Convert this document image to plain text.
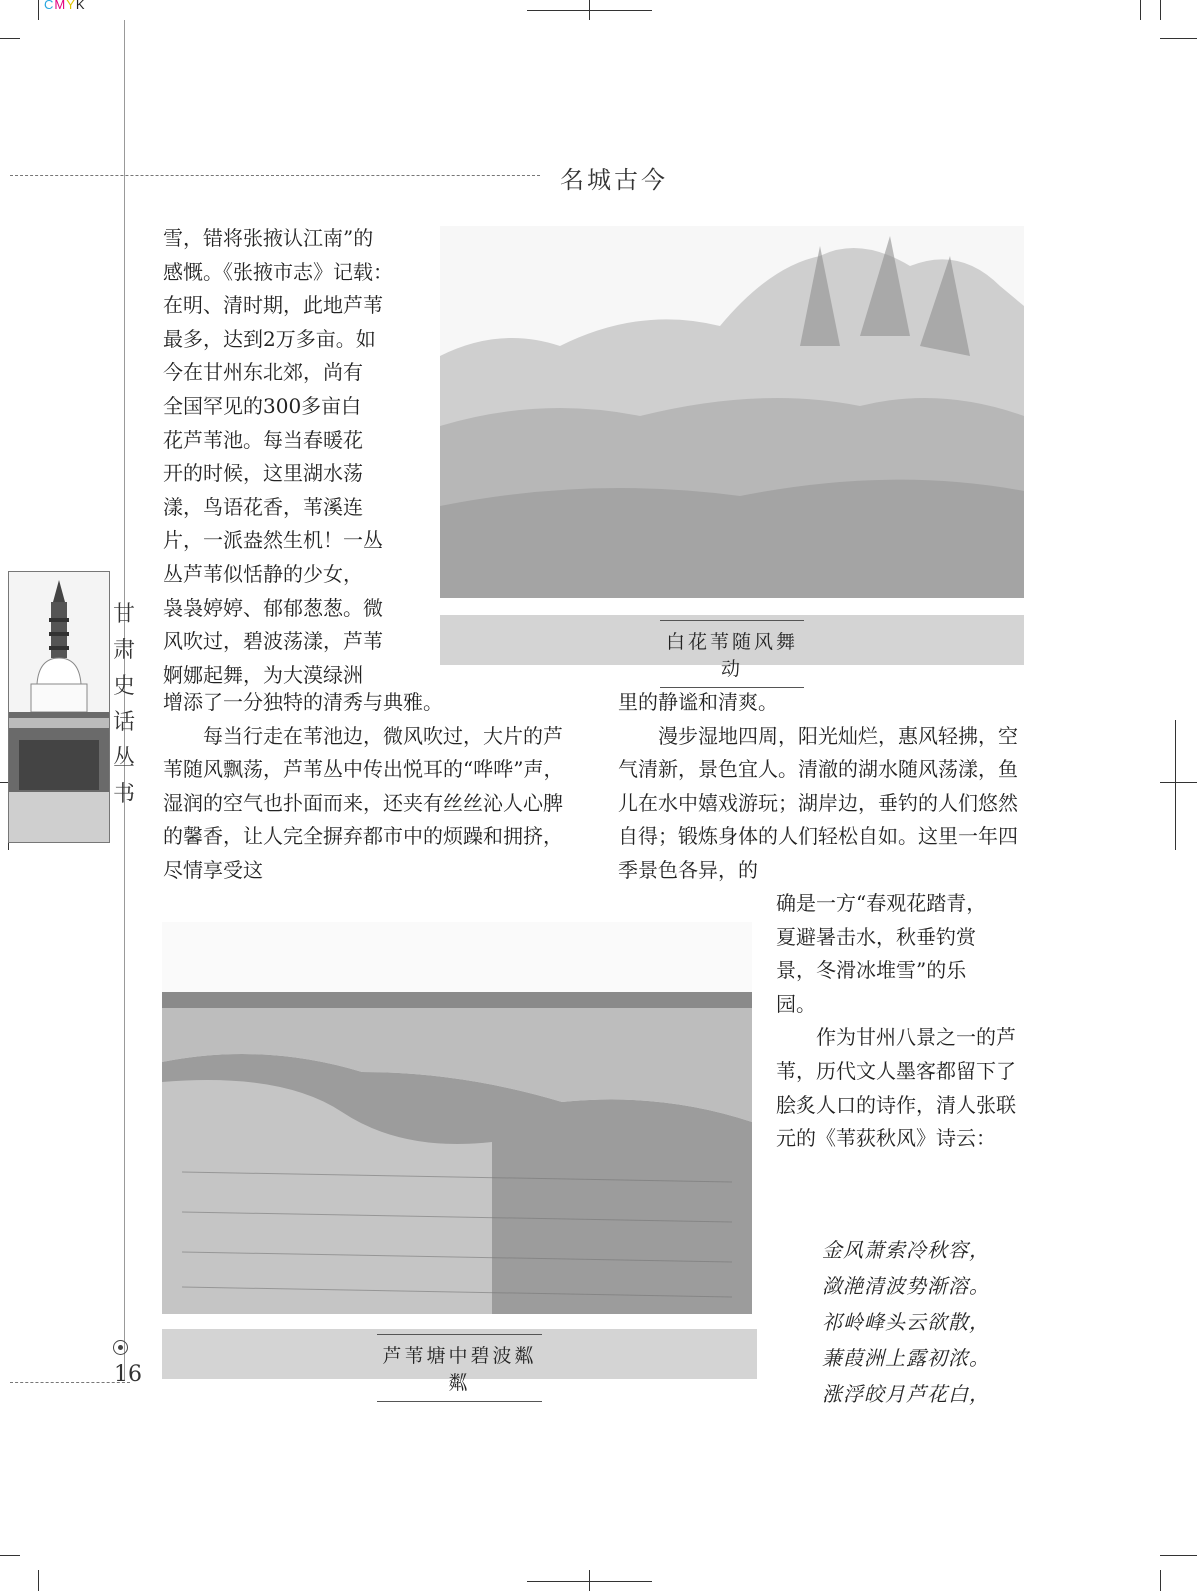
CMYK
名城古今
甘
肃
史
话
丛
书
16

雪，错将张掖认江南”的

感慨。《张掖市志》记载：

在明、清时期，此地芦苇

最多，达到2万多亩。如

今在甘州东北郊，尚有

全国罕见的300多亩白

花芦苇池。每当春暖花

开的时候，这里湖水荡

漾，鸟语花香，苇溪连

片，一派盎然生机！一丛

丛芦苇似恬静的少女，

袅袅婷婷、郁郁葱葱。微

风吹过，碧波荡漾，芦苇

婀娜起舞，为大漠绿洲

增添了一分独特的清秀与典雅。

每当行走在苇池边，微风吹过，大片的芦苇随风飘荡，芦苇丛中传出悦耳的“哗哗”声，湿润的空气也扑面而来，还夹有丝丝沁人心脾的馨香，让人完全摒弃都市中的烦躁和拥挤，尽情享受这

白花苇随风舞动

里的静谧和清爽。

漫步湿地四周，阳光灿烂，惠风轻拂，空气清新，景色宜人。清澈的湖水随风荡漾，鱼儿在水中嬉戏游玩；湖岸边，垂钓的人们悠然自得；锻炼身体的人们轻松自如。这里一年四季景色各异，的

确是一方“春观花踏青，

夏避暑击水，秋垂钓赏

景，冬滑冰堆雪”的乐

园。

作为甘州八景之一的芦苇，历代文人墨客都留下了脍炙人口的诗作，清人张联元的《苇荻秋风》诗云：

芦苇塘中碧波粼粼
金风萧索冷秋容，
潋滟清波势渐溶。
祁岭峰头云欲散，
蒹葭洲上露初浓。
涨浮皎月芦花白，
